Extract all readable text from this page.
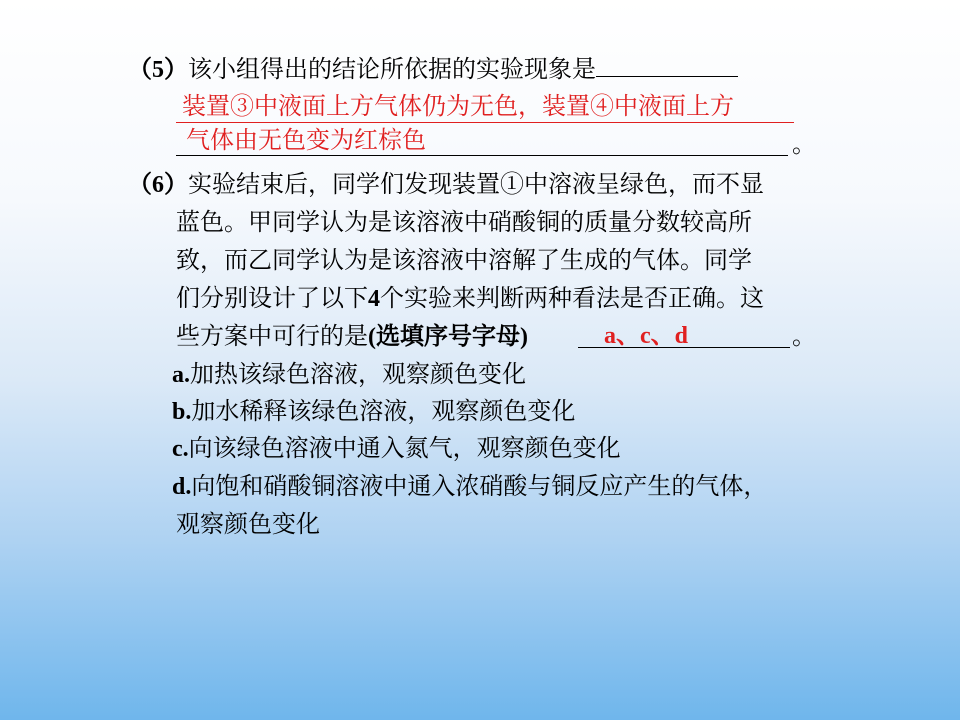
（5）该小组得出的结论所依据的实验现象是
装置③中液面上方气体仍为无色，装置④中液面上方
气体由无色变为红棕色	。
（6）实验结束后，同学们发现装置①中溶液呈绿色，而不显
蓝色。甲同学认为是该溶液中硝酸铜的质量分数较高所
致，而乙同学认为是该溶液中溶解了生成的气体。同学
们分别设计了以下4个实验来判断两种看法是否正确。这
些方案中可行的是(选填序号字母)	a、c、d	。
a.加热该绿色溶液，观察颜色变化
b.加水稀释该绿色溶液，观察颜色变化
c.向该绿色溶液中通入氮气，观察颜色变化
d.向饱和硝酸铜溶液中通入浓硝酸与铜反应产生的气体，
观察颜色变化
